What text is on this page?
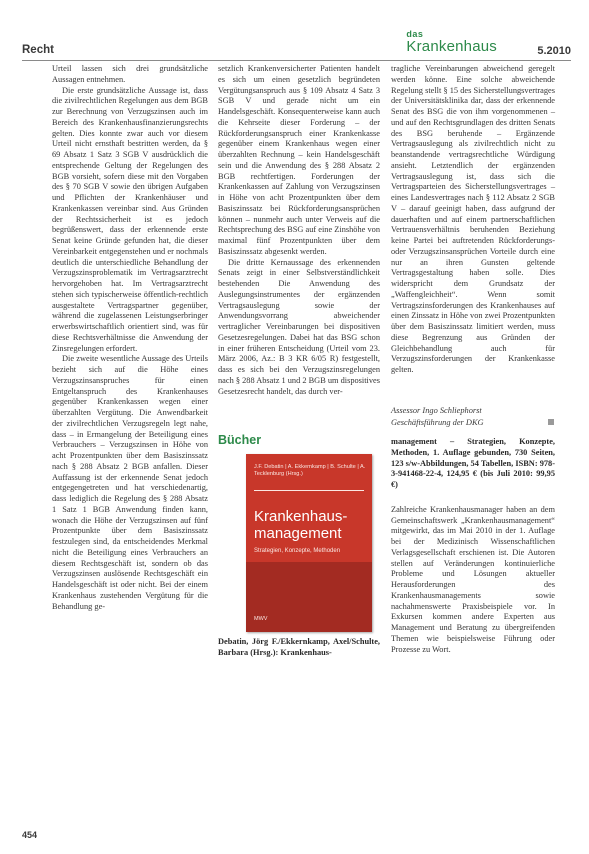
Recht
das
Krankenhaus	5.2010

Urteil lassen sich drei grundsätzliche Aussagen entnehmen.

Die erste grundsätzliche Aussage ist, dass die zivilrechtlichen Regelungen aus dem BGB zur Berechnung von Verzugszinsen auch im Bereich des Krankenhausfinanzierungsrechts gelten. Dies konnte zwar auch vor diesem Urteil nicht ernsthaft bestritten werden, da § 69 Absatz 1 Satz 3 SGB V ausdrücklich die entsprechende Geltung der Regelungen des BGB vorsieht, sofern diese mit den Vorgaben des § 70 SGB V sowie den übrigen Aufgaben und Pflichten der Krankenhäuser und Krankenkassen vereinbar sind. Aus Gründen der Rechtssicherheit ist es jedoch begrüßenswert, dass der erkennende erste Senat keine Gründe gefunden hat, die dieser Vereinbarkeit entgegenstehen und er nochmals deutlich die unterschiedliche Behandlung der Verzugszinsproblematik im Vertragsarztrecht hervorgehoben hat. Im Vertragsarztrecht stehen sich typischerweise öffentlich-rechtlich ausgestaltete Vertragspartner gegenüber, während die zugelassenen Leistungserbringer erwerbswirtschaftlich orientiert sind, was für diese Rechtsverhältnisse die Anwendung der Zinsregelungen erfordert.

Die zweite wesentliche Aussage des Urteils bezieht sich auf die Höhe eines Verzugszinsanspruches für einen Entgeltanspruch des Krankenhauses gegenüber Krankenkassen wegen einer überzahlten Vergütung. Die Anwendbarkeit der zivilrechtlichen Verzugsregeln legt nahe, dass – in Ermangelung der Beteiligung eines Verbrauchers – Verzugszinsen in Höhe von acht Prozentpunkten über dem Basiszinssatz nach § 288 Absatz 2 BGB anfallen. Dieser Auffassung ist der erkennende Senat jedoch entgegengetreten und hat verschiedenartig, dass lediglich die Regelung des § 288 Absatz 1 Satz 1 BGB Anwendung finden kann, wonach die Höhe der Verzugszinsen auf fünf Prozentpunkte über dem Basiszinssatz festzulegen sind, da entscheidendes Merkmal nicht die Beteiligung eines Verbrauchers an diesem Rechtsgeschäft ist, sondern ob das Verzugszinsen auslösende Rechtsgeschäft ein Handelsgeschäft ist oder nicht. Bei der einem Krankenhaus zustehenden Vergütung für die Behandlung ge-

setzlich Krankenversicherter Patienten handelt es sich um einen gesetzlich begründeten Vergütungsanspruch aus § 109 Absatz 4 Satz 3 SGB V und gerade nicht um ein Handelsgeschäft. Konsequenterweise kann auch die Kehrseite dieser Forderung – der Rückforderungsanspruch einer Krankenkasse gegenüber einem Krankenhaus wegen einer überzahlten Rechnung – kein Handelsgeschäft sein und die Anwendung des § 288 Absatz 2 BGB rechtfertigen. Forderungen der Krankenkassen auf Zahlung von Verzugszinsen in Höhe von acht Prozentpunkten über dem Basiszinssatz bei Rückforderungsansprüchen können – nunmehr auch unter Verweis auf die Rechtsprechung des BSG auf eine Zinshöhe von maximal fünf Prozentpunkten über dem Basiszinssatz abgesenkt werden.

Die dritte Kernaussage des erkennenden Senats zeigt in einer Selbstverständlichkeit bestehenden Die Anwendung des Auslegungsinstrumentes der ergänzenden Vertragsauslegung sowie der Anwendungsvorrang abweichender vertraglicher Vereinbarungen bei dispositiven Gesetzesregelungen. Dabei hat das BSG schon in einer früheren Entscheidung (Urteil vom 23. März 2006, Az.: B 3 KR 6/05 R) festgestellt, dass es sich bei den Verzugszinsregelungen nach § 288 Absatz 1 und 2 BGB um dispositives Gesetzesrecht handelt, das durch ver-

tragliche Vereinbarungen abweichend geregelt werden könne. Eine solche abweichende Regelung stellt § 15 des Sicherstellungsvertrages der Universitätsklinika dar, dass der erkennende Senat des BSG die von ihm vorgenommenen – und auf den Rechtsgrundlagen des dritten Senats des BSG beruhende – Ergänzende Vertragsauslegung als zivilrechtlich nicht zu beanstandende vertragsrechtliche Würdigung ansieht. Letztendlich der ergänzenden Vertragsauslegung ist, dass sich die Vertragsparteien des Sicherstellungsvertrages – eines Landesvertrages nach § 112 Absatz 2 SGB V – darauf geeinigt haben, dass aufgrund der dauerhaften und auf einem partnerschaftlichen Vertrauensverhältnis beruhenden Beziehung keine Partei bei auftretenden Rückforderungs- oder Verzugszinsansprüchen Vorteile durch eine nur an ihren Gunsten geltende Vertragsgestaltung haben solle. Dies widerspricht dem Grundsatz der „Waffengleichheit“. Wenn somit Vertragszinsforderungen des Krankenhauses auf einen Zinssatz in Höhe von zwei Prozentpunkten über dem Basiszinssatz limitiert werden, muss diese Begrenzung aus Gründen der Gleichbehandlung auch für Verzugszinsforderungen der Krankenkasse gelten.

Assessor Ingo Schliephorst
Geschäftsführung der DKG
Bücher
J.F. Debatin | A. Ekkernkamp | B. Schulte | A. Tecklenburg (Hrsg.)
Krankenhaus-
management
Strategien, Konzepte, Methoden
MWV
Debatin, Jörg F./Ekkernkamp, Axel/Schulte, Barbara (Hrsg.): Krankenhaus-

management – Strategien, Konzepte, Methoden, 1. Auflage gebunden, 730 Seiten, 123 s/w-Abbildungen, 54 Tabellen, ISBN: 978-3-941468-22-4, 124,95 € (bis Juli 2010: 99,95 €)

Zahlreiche Krankenhausmanager haben an dem Gemeinschaftswerk „Krankenhausmanagement“ mitgewirkt, das im Mai 2010 in der 1. Auflage bei der Medizinisch Wissenschaftlichen Verlagsgesellschaft erschienen ist. Die Autoren stellen auf Veränderungen kontinuierliche Probleme und Lösungen aktueller Herausforderungen des Krankenhausmanagements sowie nachahmenswerte Praxisbeispiele vor. In Exkursen kommen andere Experten aus Management und Beratung zu übergreifenden Themen wie beispielsweise Führung oder Prozesse zu Wort.

454
